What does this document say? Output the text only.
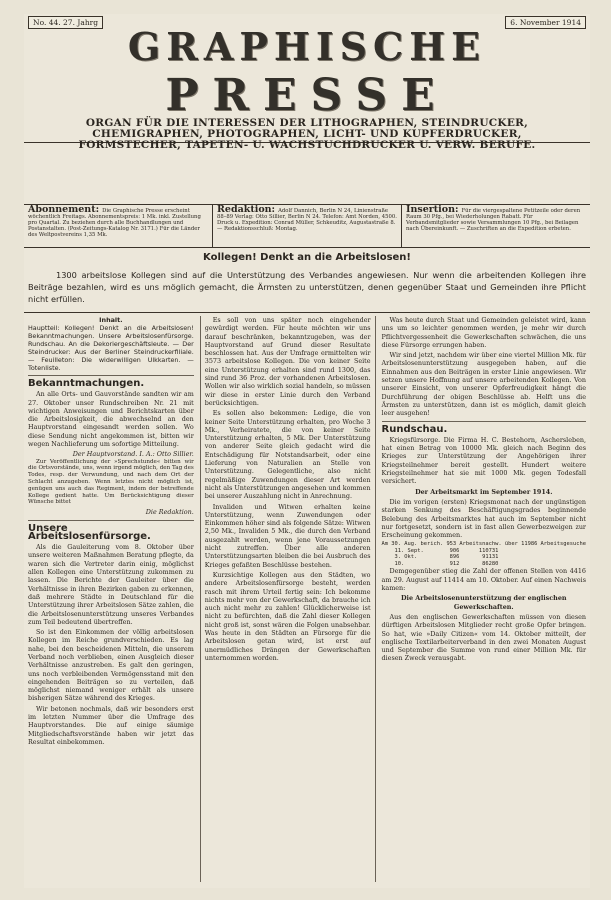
No. 44. 27. Jahrg	6. November 1914
GRAPHISCHE
PRESSE
ORGAN FÜR DIE INTERESSEN DER LITHOGRAPHEN, STEINDRUCKER,
CHEMIGRAPHEN, PHOTOGRAPHEN, LICHT- UND KUPFERDRUCKER,
FORMSTECHER, TAPETEN- U. WACHSTUCHDRUCKER U. VERW. BERUFE.
Abonnement: Die Graphische Presse erscheint wöchentlich Freitags. Abonnementspreis: 1 Mk. inkl. Zustellung pro Quartal. Zu beziehen durch alle Buchhandlungen und Postanstalten. (Post-Zeitungs-Katalog Nr. 3171.) Für die Länder des Weltpostvereins 1,35 Mk.
Redaktion: Adolf Dannich, Berlin N 24, Linienstraße 88–89 Verlag: Otto Sillier, Berlin N 24. Telefon: Amt Norden, 4500. Druck u. Expedition: Conrad Müller, Schkeuditz, Augustastraße 8. — Redaktionsschluß: Montag.
Insertion: Für die viergespaltene Petitzeile oder deren Raum 30 Pfg., bei Wiederholungen Rabatt. Für Verbandsmitglieder sowie Versammlungen 10 Pfg., bei Beilagen nach Übereinkunft. — Zuschriften an die Expedition erbeten.
Kollegen! Denkt an die Arbeitslosen!
1300 arbeitslose Kollegen sind auf die Unterstützung des Verbandes angewiesen. Nur wenn die arbeitenden Kollegen ihre Beiträge bezahlen, wird es uns möglich gemacht, die Ärmsten zu unterstützen, denen gegenüber Staat und Gemeinden ihre Pflicht nicht erfüllen.
Inhalt.
Hauptteil: Kollegen! Denkt an die Arbeitslosen! Bekanntmachungen. Unsere Arbeitslosenfürsorge. Rundschau. An die Dekoriergeschäftsleute. — Der Steindrucker: Aus der Berliner Steindruckerfiliale. — Feuilleton: Die widerwilligen Ulkkarten. — Totenliste.
Bekanntmachungen.

An alle Orts- und Gauvorstände sandten wir am 27. Oktober unser Rundschreiben Nr. 21 mit wichtigen Anweisungen und Berichtskarten über die Arbeitslosigkeit, die abwechselnd an den Hauptvorstand eingesandt werden sollen. Wo diese Sendung nicht angekommen ist, bitten wir wegen Nachlieferung um sofortige Mitteilung.

Der Hauptvorstand. I. A.: Otto Sillier.

Zur Veröffentlichung der »Sprechstunde« bitten wir die Ortsvorstände, uns, wenn irgend möglich, den Tag des Todes, resp. der Verwundung, und nach dem Ort der Schlacht anzugeben. Wenn letztes nicht möglich ist, genügen uns auch das Regiment, indem der betreffende Kollege gedient hatte. Um Berücksichtigung dieser Wünsche bittet

Die Redaktion.
Unsere Arbeitslosenfürsorge.

Als die Gauleiterung vom 8. Oktober über unsere weiteren Maßnahmen Beratung pflegte, da waren sich die Vertreter darin einig, möglichst allen Kollegen eine Unterstützung zukommen zu lassen. Die Berichte der Gauleiter über die Verhältnisse in ihren Bezirken gaben zu erkennen, daß mehrere Städte in Deutschland für die Unterstützung ihrer Arbeitslosen Sätze zahlen, die die Arbeitslosenunterstützung unseres Verbandes zum Teil bedeutend übertreffen.

So ist den Einkommen der völlig arbeitslosen Kollegen im Reiche grundverschieden. Es lag nahe, bei den bescheidenen Mitteln, die unserem Verband noch verblieben, einen Ausgleich dieser Verhältnisse anzustreben. Es galt den geringen, uns noch verbleibenden Vermögensstand mit den eingehenden Beiträgen so zu verteilen, daß möglichst niemand weniger erhält als unsere bisherigen Sätze während des Krieges.

Wir betonen nochmals, daß wir besonders erst im letzten Nummer über die Umfrage des Hauptvorstandes. Die auf einige säumige Mitgliedschaftsvorstände haben wir jetzt das Resultat einbekommen.

Es soll von uns später noch eingehender gewürdigt werden. Für heute möchten wir uns darauf beschränken, bekanntzugeben, was der Hauptvorstand auf Grund dieser Resultate beschlossen hat. Aus der Umfrage ermittelten wir 3573 arbeitslose Kollegen. Die von keiner Seite eine Unterstützung erhalten sind rund 1300, das sind rund 36 Proz. der vorhandenen Arbeitslosen. Wollen wir also wirklich sozial handeln, so müssen wir diese in erster Linie durch den Verband berücksichtigen.

Es sollen also bekommen: Ledige, die von keiner Seite Unterstützung erhalten, pro Woche 3 Mk., Verheiratete, die von keiner Seite Unterstützung erhalten, 5 Mk. Der Unterstützung von anderer Seite gleich gedacht wird die Entschädigung für Notstandsarbeit, oder eine Lieferung von Naturalien an Stelle von Unterstützung. Gelegentliche, also nicht regelmäßige Zuwendungen dieser Art werden nicht als Unterstützungen angesehen und kommen bei unserer Auszahlung nicht in Anrechnung.

Invaliden und Witwen erhalten keine Unterstützung, wenn Zuwendungen oder Einkommen höher sind als folgende Sätze: Witwen 2,50 Mk., Invaliden 5 Mk., die durch den Verband ausgezahlt werden, wenn jene Voraussetzungen nicht zutreffen. Über alle anderen Unterstützungsarten bleiben die bei Ausbruch des Krieges gefaßten Beschlüsse bestehen.

Kurzsichtige Kollegen aus den Städten, wo andere Arbeitslosenfürsorge besteht, werden rasch mit ihrem Urteil fertig sein: Ich bekomme nichts mehr von der Gewerkschaft, da brauche ich auch nicht mehr zu zahlen! Glücklicherweise ist nicht zu befürchten, daß die Zahl dieser Kollegen nicht groß ist, sonst wären die Folgen unabsehbar. Was heute in den Städten an Fürsorge für die Arbeitslosen getan wird, ist erst auf unermüdliches Drängen der Gewerkschaften unternommen worden.

Was heute durch Staat und Gemeinden geleistet wird, kann uns um so leichter genommen werden, je mehr wir durch Pflichtvergessenheit die Gewerkschaften schwächen, die uns diese Fürsorge errungen haben.

Wir sind jetzt, nachdem wir über eine viertel Million Mk. für Arbeitslosenunterstützung ausgegeben haben, auf die Einnahmen aus den Beiträgen in erster Linie angewiesen. Wir setzen unsere Hoffnung auf unsere arbeitenden Kollegen. Von unserer Einsicht, von unserer Opferfreudigkeit hängt die Durchführung der obigen Beschlüsse ab. Helft uns die Ärmsten zu unterstützen, dann ist es möglich, damit gleich leer ausgehen!

Rundschau.

Kriegsfürsorge. Die Firma H. C. Bestehorn, Aschersleben, hat einen Betrag von 10000 Mk. gleich nach Beginn des Krieges zur Unterstützung der Angehörigen ihrer Kriegsteilnehmer bereit gestellt. Hundert weitere Kriegsteilnehmer hat sie mit 1000 Mk. gegen Todesfall versichert.

Der Arbeitsmarkt im September 1914.

Die im vorigen (ersten) Kriegsmonat nach der ungünstigen starken Senkung des Beschäftigungsgrades beginnende Belebung des Arbeitsmarktes hat auch im September nicht nur fortgesetzt, sondern ist in fast allen Gewerbezweigen zur Erscheinung gekommen.

Am 30. Aug. berich. 953 Arbeitsnachw. über 11986 Arbeitsgesuche
11. Sept.        906      110731
3. Okt.          896       91131
10.              912       86280

Demgegenüber stieg die Zahl der offenen Stellen von 4416 am 29. August auf 11414 am 10. Oktober. Auf einen Nachweis kamen:

Die Arbeitslosenunterstützung der englischen Gewerkschaften.

Aus den englischen Gewerkschaften müssen von diesen dürftigen Arbeitslosen Mitglieder recht große Opfer bringen. So hat, wie »Daily Citizen« vom 14. Oktober mitteilt, der englische Textilarbeiterverband in den zwei Monaten August und September die Summe von rund einer Million Mk. für diesen Zweck verausgabt.
